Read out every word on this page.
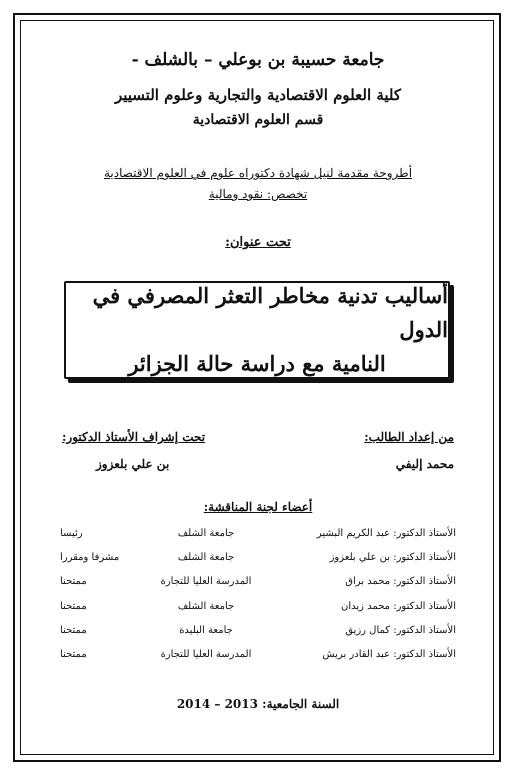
جامعة حسيبة بن بوعلي – بالشلف -
كلية العلوم الاقتصادية والتجارية وعلوم التسيير
قسم العلوم الاقتصادية
أطروحة مقدمة لنيل شهادة دكتوراه علوم في العلوم الاقتصادية
تخصص: نقود ومالية
تحت عنوان:
أساليب تدنية مخاطر التعثر المصرفي في الدول
النامية مع دراسة حالة الجزائر
من إعداد الطالب:
محمد إليفي
تحت إشراف الأستاذ الدكتور:
بن علي بلعزوز
أعضاء لجنة المناقشة:
الأستاذ الدكتور: عبد الكريم البشير
جامعة الشلف
رئيسا
الأستاذ الدكتور: بن علي بلعزوز
جامعة الشلف
مشرفا ومقررا
الأستاذ الدكتور: محمد براق
المدرسة العليا للتجارة
ممتحنا
الأستاذ الدكتور: محمد زيدان
جامعة الشلف
ممتحنا
الأستاذ الدكتور: كمال رزيق
جامعة البليدة
ممتحنا
الأستاذ الدكتور: عبد القادر بريش
المدرسة العليا للتجارة
ممتحنا
السنة الجامعية: 2013 – 2014
